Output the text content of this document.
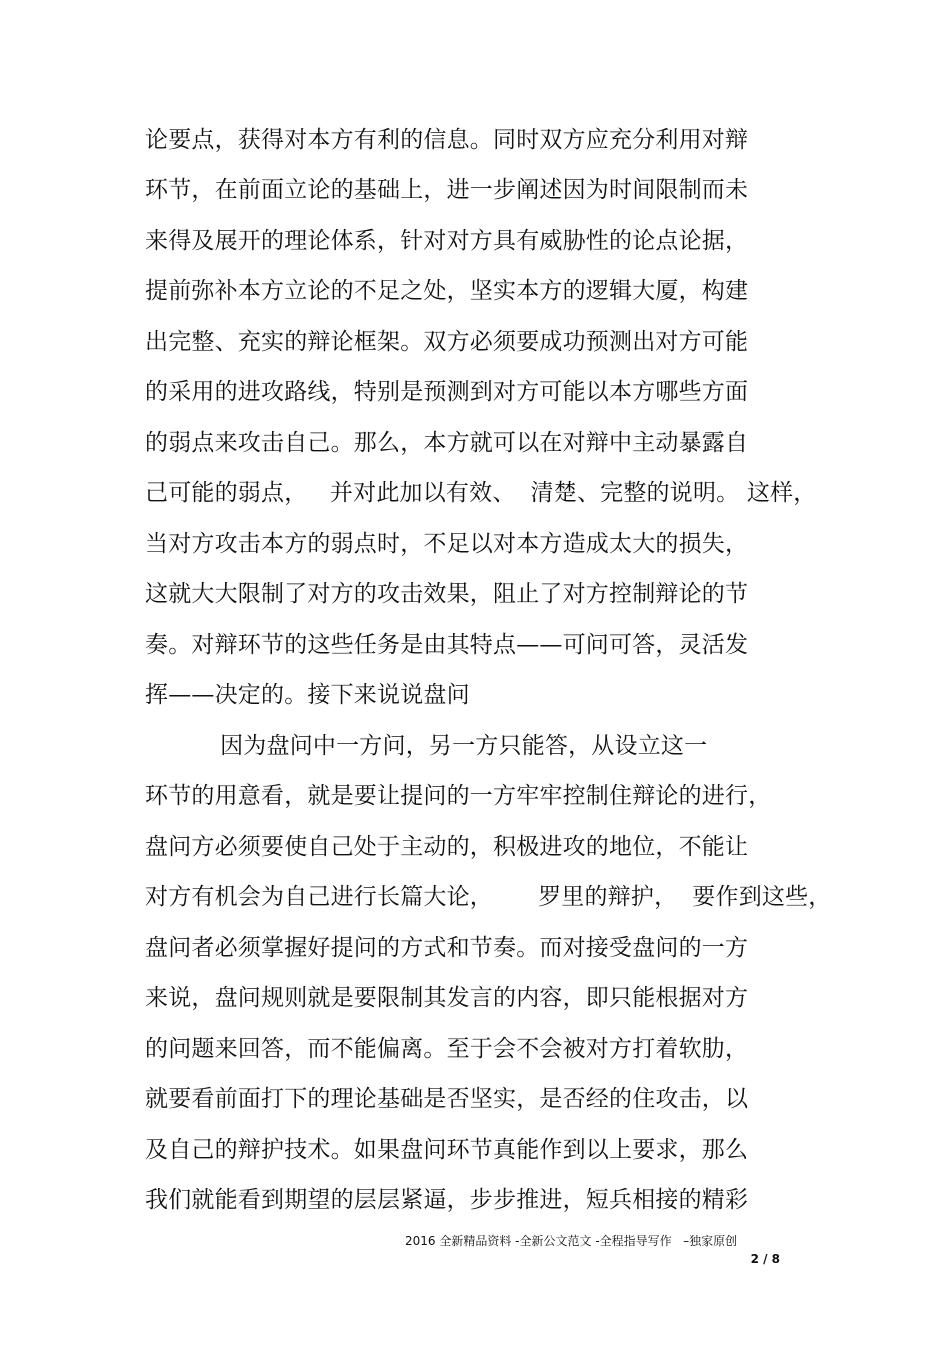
论要点，获得对本方有利的信息。同时双方应充分利用对辩
环节，在前面立论的基础上，进一步阐述因为时间限制而未
来得及展开的理论体系，针对对方具有威胁性的论点论据，
提前弥补本方立论的不足之处，坚实本方的逻辑大厦，构建
出完整、充实的辩论框架。双方必须要成功预测出对方可能
的采用的进攻路线，特别是预测到对方可能以本方哪些方面
的弱点来攻击自己。那么，本方就可以在对辩中主动暴露自
己可能的弱点，   并对此加以有效、  清楚、完整的说明。 这样，
当对方攻击本方的弱点时，不足以对本方造成太大的损失，
这就大大限制了对方的攻击效果，阻止了对方控制辩论的节
奏。对辩环节的这些任务是由其特点——可问可答，灵活发
挥——决定的。接下来说说盘问
因为盘问中一方问，另一方只能答，从设立这一
环节的用意看，就是要让提问的一方牢牢控制住辩论的进行，
盘问方必须要使自己处于主动的，积极进攻的地位，不能让
对方有机会为自己进行长篇大论，      罗里的辩护，  要作到这些，
盘问者必须掌握好提问的方式和节奏。而对接受盘问的一方
来说，盘问规则就是要限制其发言的内容，即只能根据对方
的问题来回答，而不能偏离。至于会不会被对方打着软肋，
就要看前面打下的理论基础是否坚实，是否经的住攻击，以
及自己的辩护技术。如果盘问环节真能作到以上要求，那么
我们就能看到期望的层层紧逼，步步推进，短兵相接的精彩
2016 全新精品资料 -全新公文范文 -全程指导写作   –独家原创
2 / 8
